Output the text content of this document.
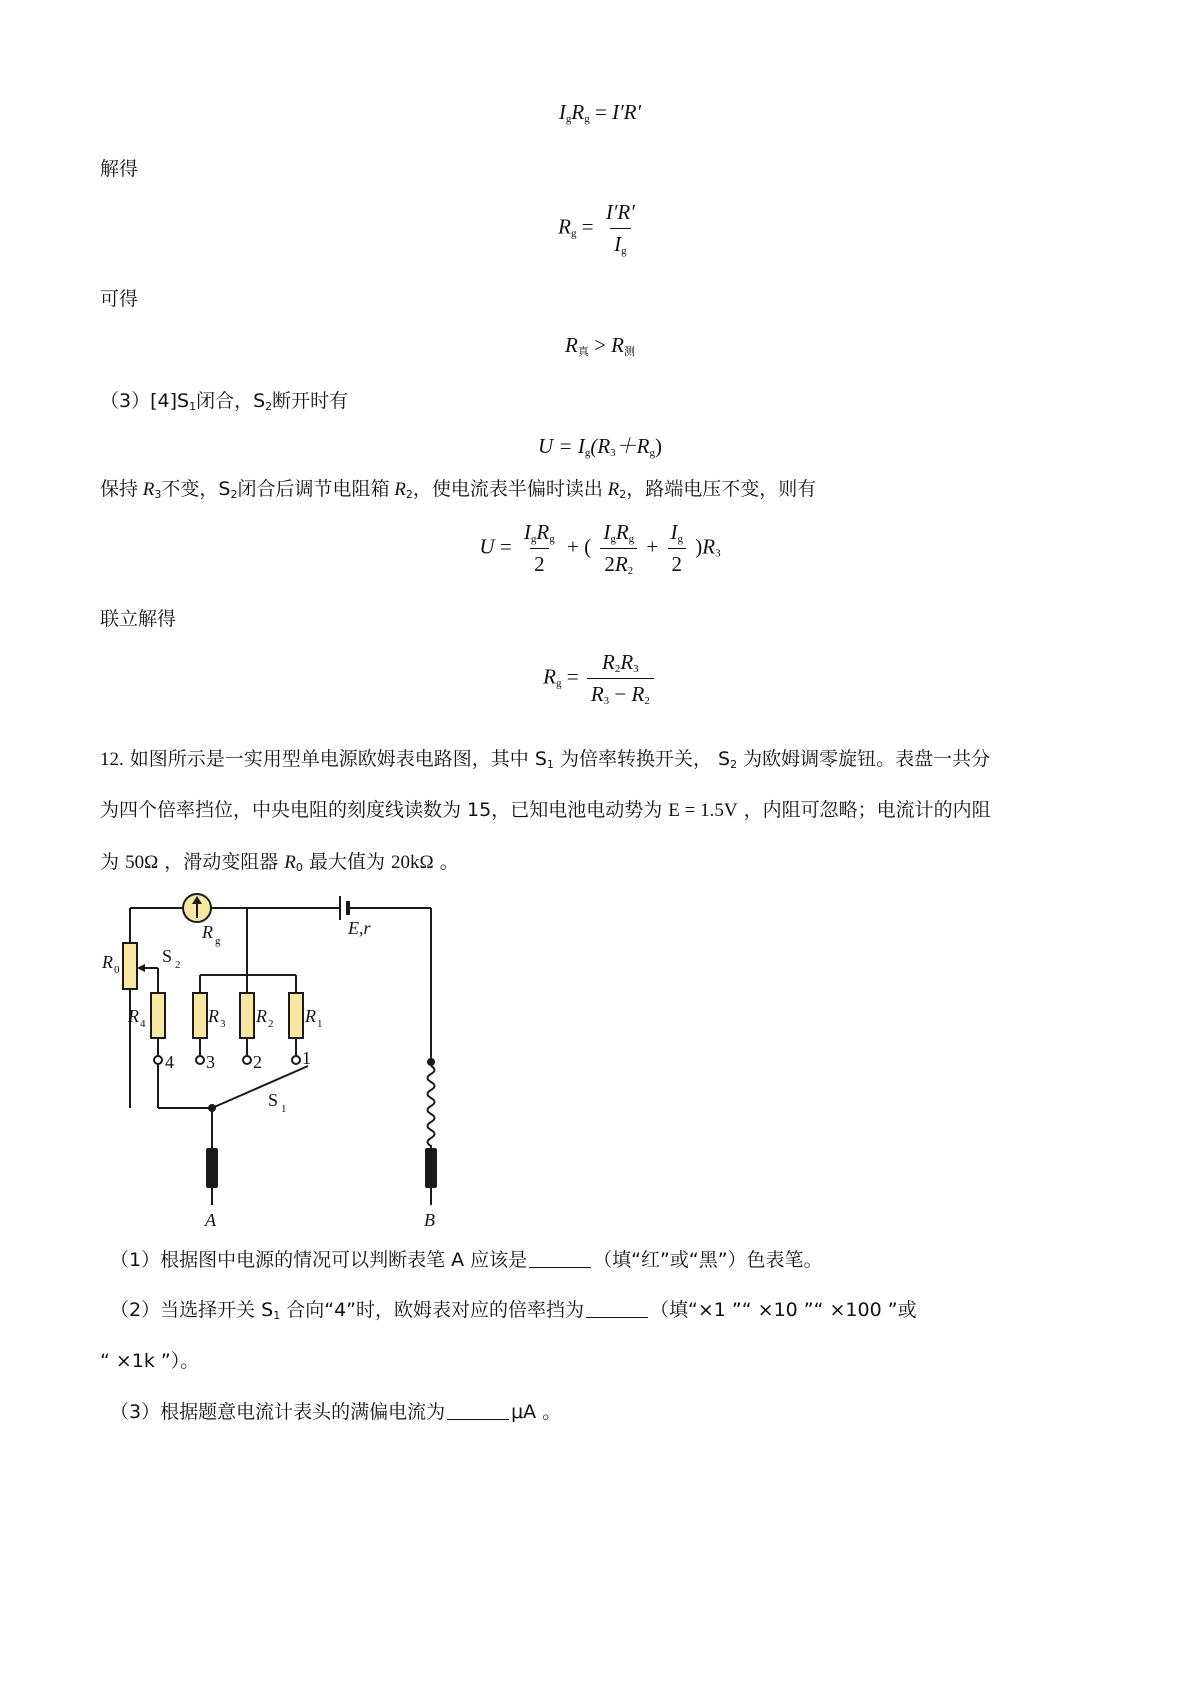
$I_gR_g = I'R'$
解得
$R_g = \frac{I'R'}{I_g}$
可得
$R_真 > R_测$
$(3)[4]S_1$闭合，$S_2$断开时有
$U = I_g(R_3+R_g)$
保持 $R_3$不变，$S_2$闭合后调节电阻箱 $R_2$，使电流表半偏时读出 $R_2$，路端电压不变，则有
$U = \frac{I_gR_g}{2}$ + ( $\frac{I_gR_g}{2R_2} + \frac{I_g}{2} )R_3$
联立解得
$R_g = \frac{R_2R_3}{R_3 - R_2}$
12. 如图所示是一实用型单电源欧姆表电路图，其中 $S_1$ 为倍率转换开关， $S_2$ 为欧姆调零旋钮。表盘一共分
为四个倍率挡位，中央电阻的刻度线读数为 15，已知电池电动势为 E = 1.5V ，内阻可忽略；电流计的内阻
为 50Ω ，滑动变阻器 $R_0$ 最大值为 20kΩ 。
R g
E,r
R 0
S 2
R 4	R 3 R 2 R 1
4 3 2 1
S 1
A	B
（1）根据图中电源的情况可以判断表笔 A 应该是	（填“红”或“黑”）色表笔。
（2）当选择开关 $S_1$ 合向“4”时，欧姆表对应的倍率挡为	（填“×1 ”“ ×10 ”“ ×100 ”或
“ ×1k ”）。
（3）根据题意电流计表头的满偏电流为	μA 。
